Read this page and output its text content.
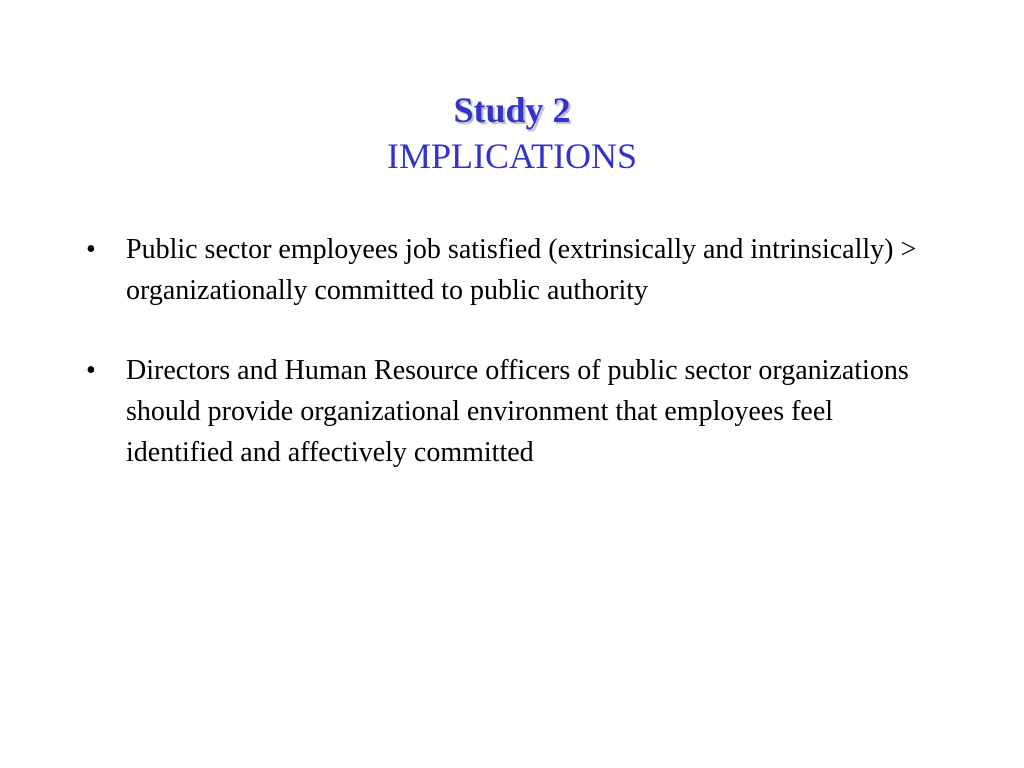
Study 2
IMPLICATIONS
• Public sector employees job satisfied (extrinsically and intrinsically) > organizationally committed to public authority
• Directors and Human Resource officers of public sector organizations should provide organizational environment that employees feel identified and affectively committed
